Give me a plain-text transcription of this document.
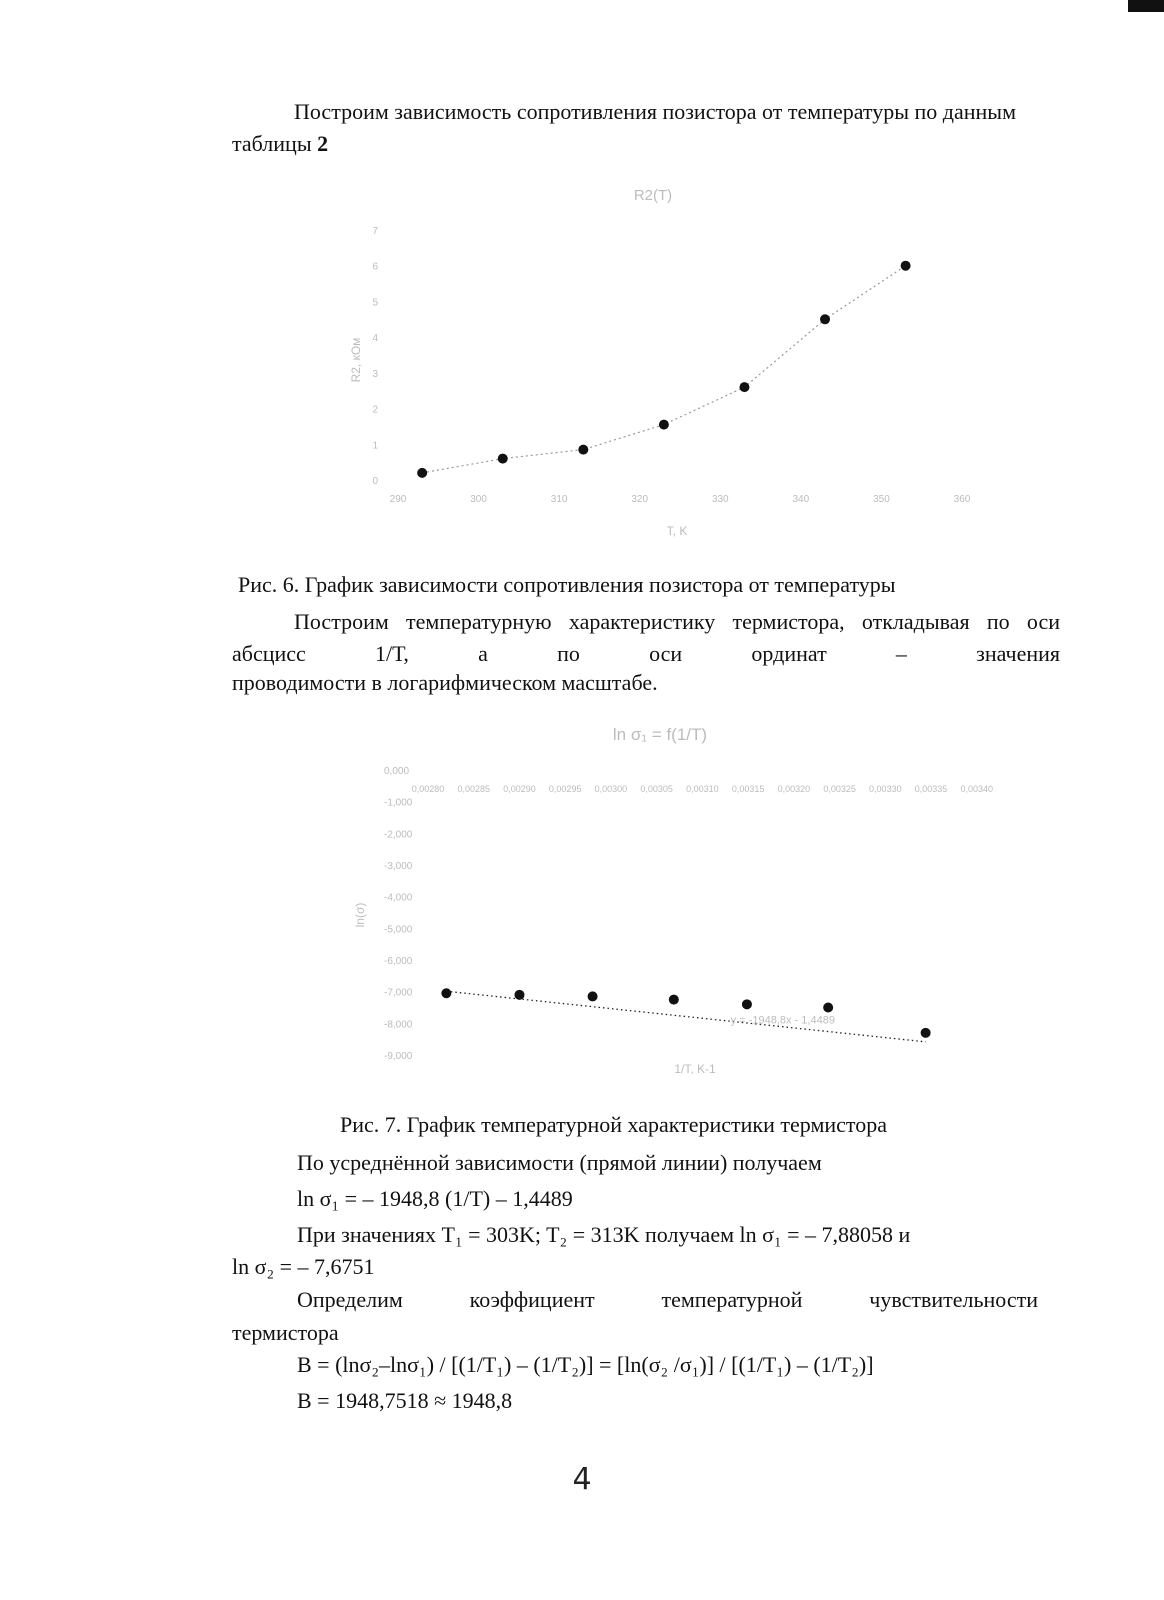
Построим зависимость сопротивления позистора от температуры по данным таблицы 2

R2(T)
0
1
2
3
4
5
6
7
290	300	310	320	330	340	350	360
R2, кОм
T, K

Рис. 6. График зависимости сопротивления позистора от температуры

Построим температурную характеристику термистора, откладывая по оси абсцисс 1/Т, а по оси ординат – значения

проводимости в логарифмическом масштабе.

ln σ₁ = f(1/T)
0,000
-1,000
-2,000
-3,000
-4,000
-5,000
-6,000
-7,000
-8,000
-9,000
0,00280 0,00285 0,00290 0,00295 0,00300 0,00305 0,00310 0,00315 0,00320 0,00325 0,00330 0,00335 0,00340
ln(σ)
1/T, K-1
y = -1948,8x - 1,4489

Рис. 7. График температурной характеристики термистора

По усреднённой зависимости (прямой линии) получаем

ln σ₁ = – 1948,8 (1/T) – 1,4489

При значениях T₁ = 303K; T₂ = 313K получаем ln σ₁ = – 7,88058 и

ln σ₂ = – 7,6751

Определим коэффициент температурной чувствительности

термистора

B = (lnσ₂–lnσ₁) / [(1/T₁) – (1/T₂)] = [ln(σ₂ /σ₁)] / [(1/T₁) – (1/T₂)]

B = 1948,7518 ≈ 1948,8

4
